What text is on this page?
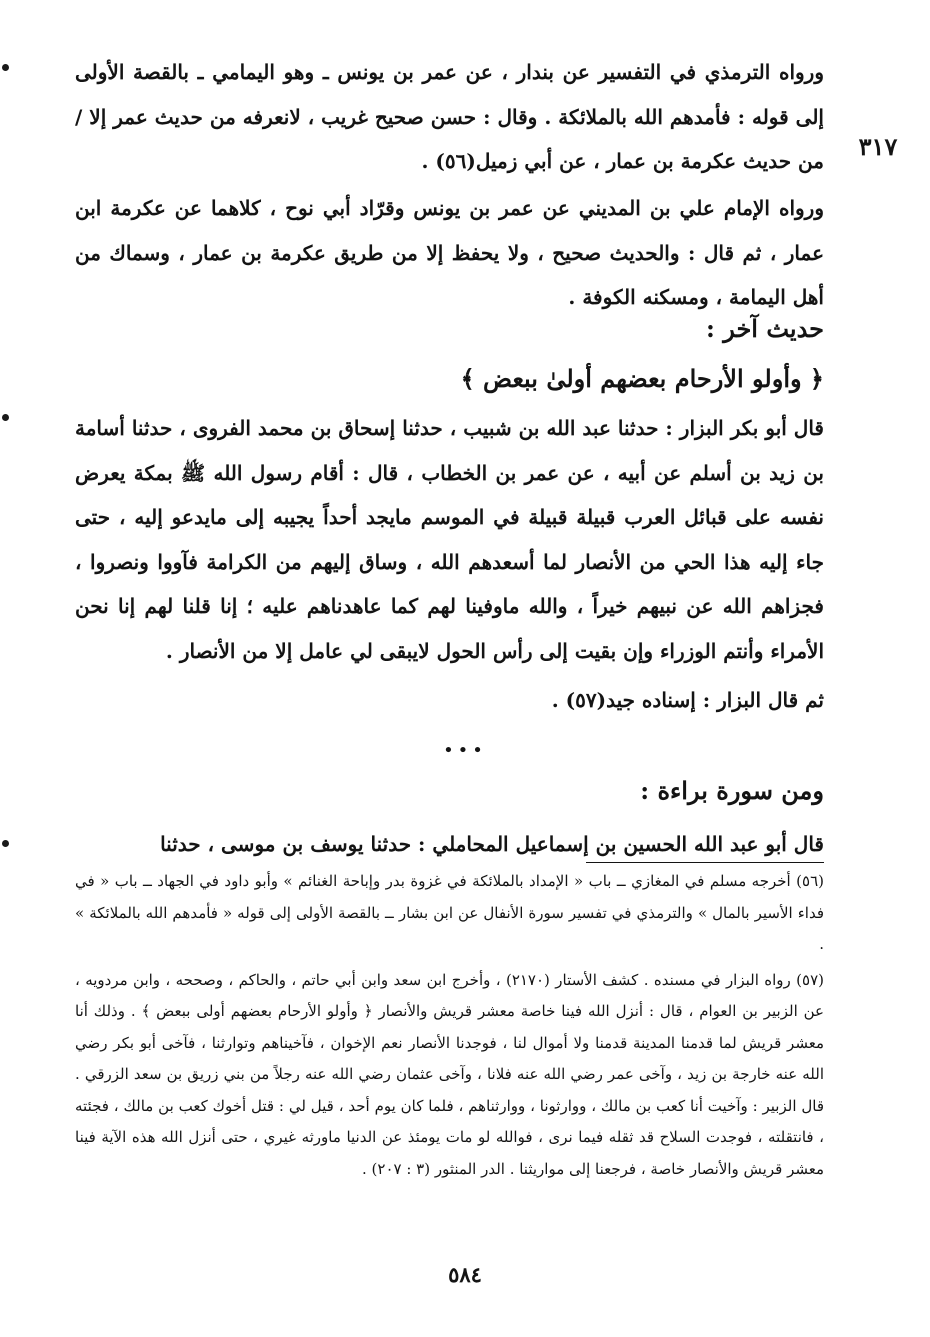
٣١٧

ورواه الترمذي في التفسير عن بندار ، عن عمر بن يونس ـ وهو اليمامي ـ بالقصة الأولى إلى قوله : فأمدهم الله بالملائكة . وقال : حسن صحيح غريب ، لانعرفه من حديث عمر إلا / من حديث عكرمة بن عمار ، عن أبي زميل(٥٦) .

ورواه الإمام علي بن المديني عن عمر بن يونس وقرّاد أبي نوح ، كلاهما عن عكرمة ابن عمار ، ثم قال : والحديث صحيح ، ولا يحفظ إلا من طريق عكرمة بن عمار ، وسماك من أهل اليمامة ، ومسكنه الكوفة .

حديث آخر :
﴿ وأولو الأرحام بعضهم أولىٰ ببعض ﴾

قال أبو بكر البزار : حدثنا عبد الله بن شبيب ، حدثنا إسحاق بن محمد الفروى ، حدثنا أسامة بن زيد بن أسلم عن أبيه ، عن عمر بن الخطاب ، قال : أقام رسول الله ﷺ بمكة يعرض نفسه على قبائل العرب قبيلة قبيلة في الموسم مايجد أحداً يجيبه إلى مايدعو إليه ، حتى جاء إليه هذا الحي من الأنصار لما أسعدهم الله ، وساق إليهم من الكرامة فآووا ونصروا ، فجزاهم الله عن نبيهم خيراً ، والله ماوفينا لهم كما عاهدناهم عليه ؛ إنا قلنا لهم إنا نحن الأمراء وأنتم الوزراء وإن بقيت إلى رأس الحول لايبقى لي عامل إلا من الأنصار .

ثم قال البزار : إسناده جيد(٥٧) .
•••
ومن سورة براءة :

قال أبو عبد الله الحسين بن إسماعيل المحاملي : حدثنا يوسف بن موسى ، حدثنا

(٥٦) أخرجه مسلم في المغازي ــ باب « الإمداد بالملائكة في غزوة بدر وإباحة الغنائم » وأبو داود في الجهاد ــ باب « في فداء الأسير بالمال » والترمذي في تفسير سورة الأنفال عن ابن بشار ــ بالقصة الأولى إلى قوله « فأمدهم الله بالملائكة » .

(٥٧) رواه البزار في مسنده . كشف الأستار (٢١٧٠) ، وأخرج ابن سعد وابن أبي حاتم ، والحاكم ، وصححه ، وابن مردويه ، عن الزبير بن العوام ، قال : أنزل الله فينا خاصة معشر قريش والأنصار ﴿ وأولو الأرحام بعضهم أولى ببعض ﴾ . وذلك أنا معشر قريش لما قدمنا المدينة قدمنا ولا أموال لنا ، فوجدنا الأنصار نعم الإخوان ، فآخيناهم وتوارثنا ، فآخى أبو بكر رضي الله عنه خارجة بن زيد ، وآخى عمر رضي الله عنه فلانا ، وآخى عثمان رضي الله عنه رجلاً من بني زريق بن سعد الزرقي . قال الزبير : وآخيت أنا كعب بن مالك ، ووارثونا ، ووارثناهم ، فلما كان يوم أحد ، قيل لي : قتل أخوك كعب بن مالك ، فجئته ، فانتقلته ، فوجدت السلاح قد ثقله فيما نرى ، فوالله لو مات يومئذ عن الدنيا ماورثه غيري ، حتى أنزل الله هذه الآية فينا معشر قريش والأنصار خاصة ، فرجعنا إلى مواريثنا . الدر المنثور (٣ : ٢٠٧) .

٥٨٤
